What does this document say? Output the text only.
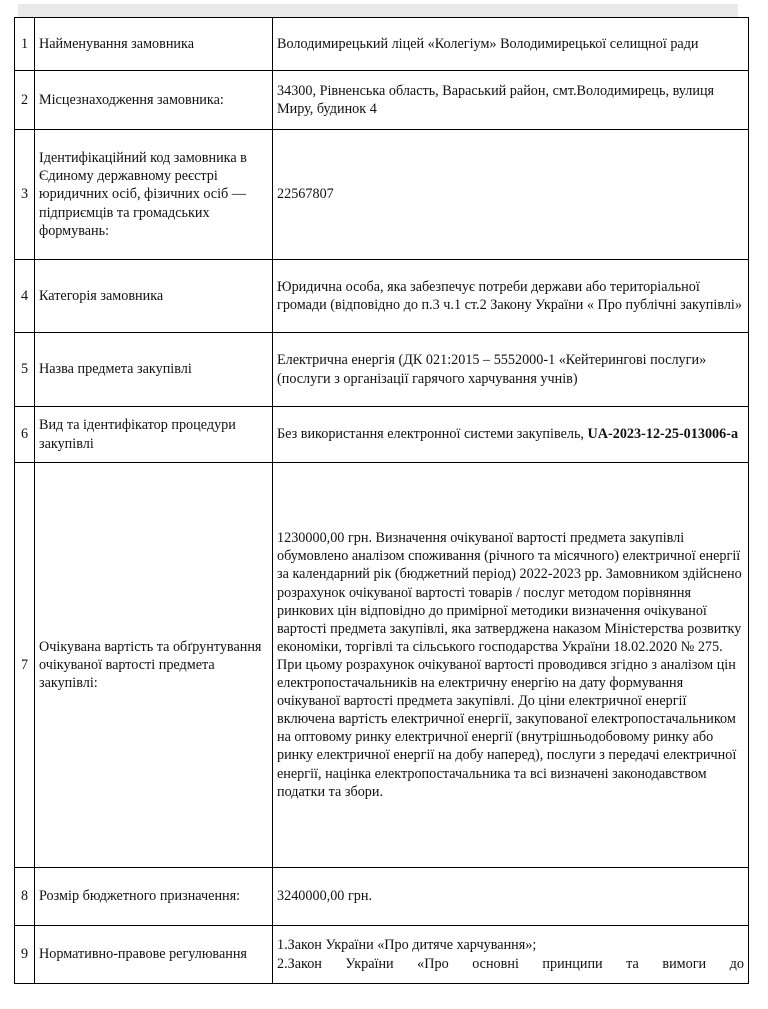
1	Найменування замовника	Володимирецький ліцей «Колегіум» Володимирецької селищної ради
2	Місцезнаходження замовника:	34300, Рівненська область, Вараський район, смт.Володимирець, вулиця Миру, будинок 4
3	Ідентифікаційний код замовника в Єдиному державному реєстрі юридичних осіб, фізичних осіб — підприємців та громадських формувань:	22567807
4	Категорія замовника	Юридична особа, яка забезпечує потреби держави або територіальної громади (відповідно до п.3 ч.1 ст.2 Закону України « Про публічні закупівлі»
5	Назва предмета закупівлі	Електрична енергія (ДК 021:2015 – 5552000-1 «Кейтерингові послуги» (послуги з організації гарячого харчування учнів)
6	Вид та ідентифікатор процедури закупівлі	Без використання електронної системи закупівель, UA-2023-12-25-013006-a
7	Очікувана вартість та обґрунтування очікуваної вартості предмета закупівлі:	1230000,00 грн. Визначення очікуваної вартості предмета закупівлі обумовлено аналізом споживання (річного та місячного) електричної енергії за календарний рік (бюджетний період) 2022-2023 рр. Замовником здійснено розрахунок очікуваної вартості товарів / послуг методом порівняння ринкових цін відповідно до примірної методики визначення очікуваної вартості предмета закупівлі, яка затверджена наказом Міністерства розвитку економіки, торгівлі та сільського господарства України 18.02.2020 № 275.

При цьому розрахунок очікуваної вартості проводився згідно з аналізом цін електропостачальників на електричну енергію на дату формування очікуваної вартості предмета закупівлі. До ціни електричної енергії включена вартість електричної енергії, закупованої електропостачальником на оптовому ринку електричної енергії (внутрішньодобовому ринку або ринку електричної енергії на добу наперед), послуги з передачі електричної енергії, націнка електропостачальника та всі визначені законодавством податки та збори.

8	Розмір бюджетного призначення:	3240000,00 грн.
9	Нормативно-правове регулювання	1.Закон України «Про дитяче харчування»;
2.Закон України «Про основні принципи та вимоги до
